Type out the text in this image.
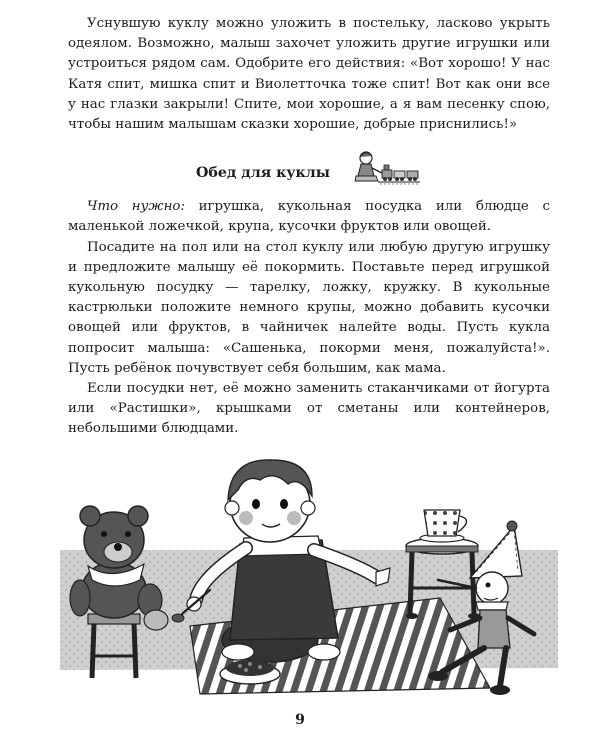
Уснувшую куклу можно уложить в постельку, ласково укрыть одеялом. Возможно, малыш захочет уложить другие игрушки или устроиться рядом сам. Одобрите его действия: «Вот хорошо! У нас Катя спит, мишка спит и Виолетточка тоже спит! Вот как они все у нас глазки закрыли! Спите, мои хорошие, а я вам песенку спою, чтобы нашим малышам сказки хорошие, добрые приснились!»

Обед для куклы

Что нужно: игрушка, кукольная посудка или блюдце с маленькой ложечкой, крупа, кусочки фруктов или овощей.

Посадите на пол или на стол куклу или любую другую игрушку и предложите малышу её покормить. Поставьте перед игрушкой кукольную посудку — тарелку, ложку, кружку. В кукольные кастрюльки положите немного крупы, можно добавить кусочки овощей или фруктов, в чайничек налейте воды. Пусть кукла попросит малыша: «Сашенька, покорми меня, пожалуйста!». Пусть ребёнок почувствует себя большим, как мама.

Если посудки нет, её можно заменить стаканчиками от йогурта или «Растишки», крышками от сметаны или контейнеров, небольшими блюдцами.

9
